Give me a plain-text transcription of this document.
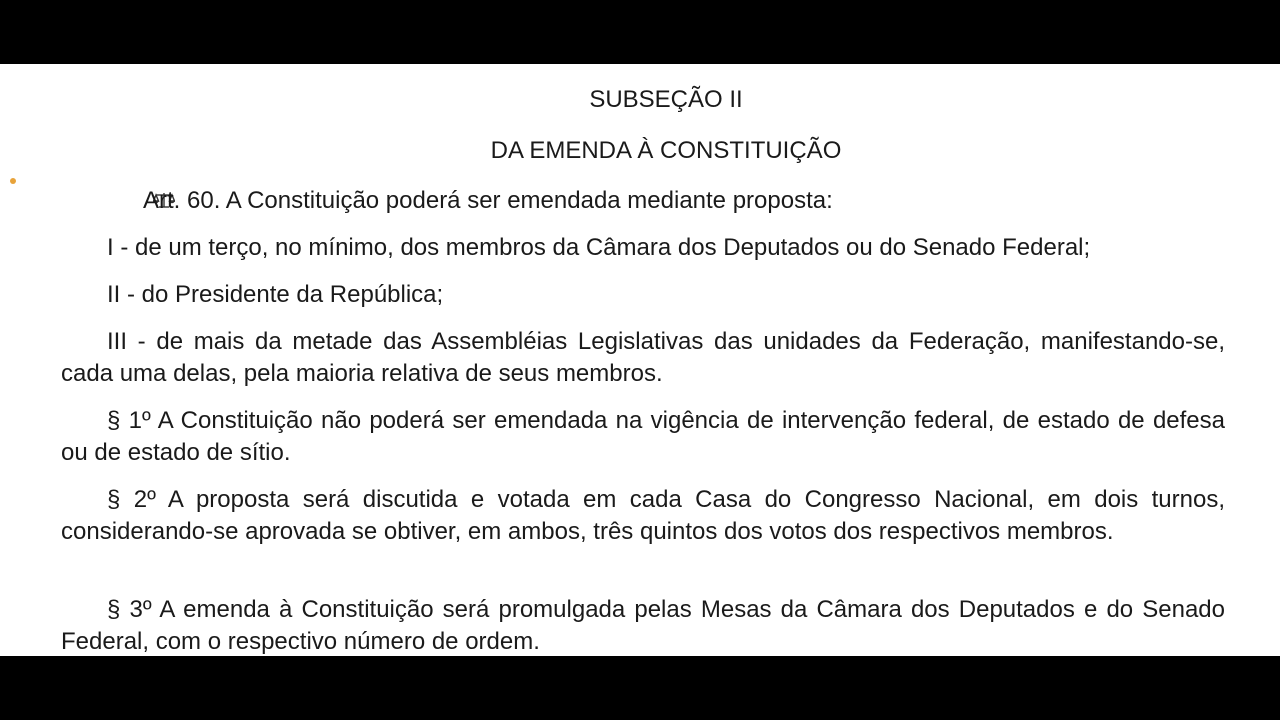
SUBSEÇÃO II
DA EMENDA À CONSTITUIÇÃO

Art. 60. A Constituição poderá ser emendada mediante proposta:

I - de um terço, no mínimo, dos membros da Câmara dos Deputados ou do Senado Federal;

II - do Presidente da República;

III - de mais da metade das Assembléias Legislativas das unidades da Federação, manifestando-se, cada uma delas, pela maioria relativa de seus membros.

§ 1º A Constituição não poderá ser emendada na vigência de intervenção federal, de estado de defesa ou de estado de sítio.

§ 2º A proposta será discutida e votada em cada Casa do Congresso Nacional, em dois turnos, considerando-se aprovada se obtiver, em ambos, três quintos dos votos dos respectivos membros.

§ 3º A emenda à Constituição será promulgada pelas Mesas da Câmara dos Deputados e do Senado Federal, com o respectivo número de ordem.
